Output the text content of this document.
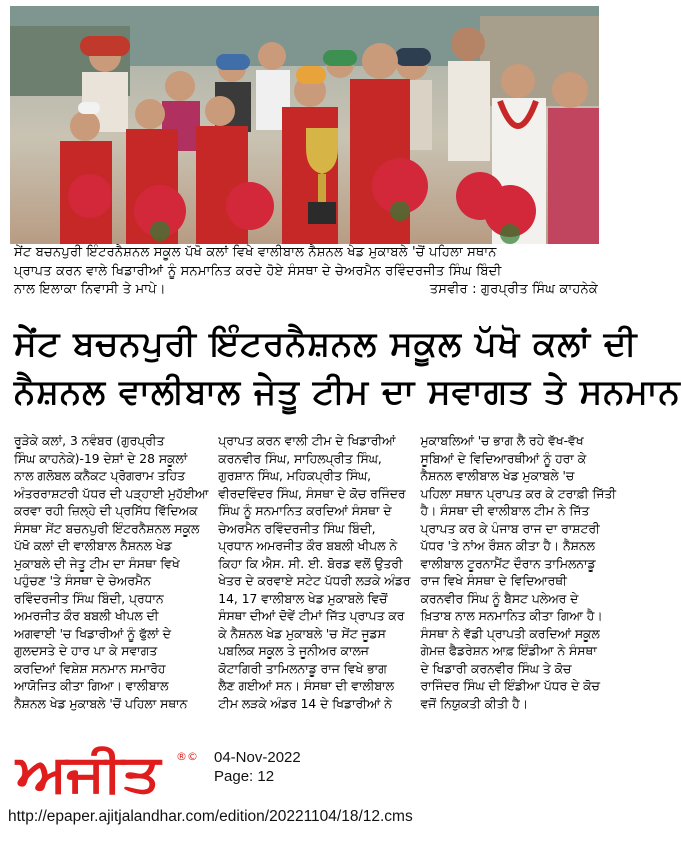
ਸੇਂਟ ਬਚਨਪੁਰੀ ਇੰਟਰਨੈਸ਼ਨਲ ਸਕੂਲ ਪੱਖੋ ਕਲਾਂ ਵਿਖੇ ਵਾਲੀਬਾਲ ਨੈਸ਼ਨਲ ਖੇਡ ਮੁਕਾਬਲੇ 'ਚੋਂ ਪਹਿਲਾ ਸਥਾਨ
ਪ੍ਰਾਪਤ ਕਰਨ ਵਾਲੇ ਖਿਡਾਰੀਆਂ ਨੂੰ ਸਨਮਾਨਿਤ ਕਰਦੇ ਹੋਏ ਸੰਸਥਾ ਦੇ ਚੇਅਰਮੈਨ ਰਵਿੰਦਰਜੀਤ ਸਿੰਘ ਬਿੰਦੀ
ਨਾਲ ਇਲਾਕਾ ਨਿਵਾਸੀ ਤੇ ਮਾਪੇ।	ਤਸਵੀਰ : ਗੁਰਪ੍ਰੀਤ ਸਿੰਘ ਕਾਹਨੇਕੇ
ਸੇਂਟ ਬਚਨਪੁਰੀ ਇੰਟਰਨੈਸ਼ਨਲ ਸਕੂਲ ਪੱਖੋ ਕਲਾਂ ਦੀ
ਨੈਸ਼ਨਲ ਵਾਲੀਬਾਲ ਜੇਤੂ ਟੀਮ ਦਾ ਸਵਾਗਤ ਤੇ ਸਨਮਾਨ
ਰੂੜੇਕੇ ਕਲਾਂ, 3 ਨਵੰਬਰ (ਗੁਰਪ੍ਰੀਤ
ਸਿੰਘ ਕਾਹਨੇਕੇ)-19 ਦੇਸ਼ਾਂ ਦੇ 28 ਸਕੂਲਾਂ
ਨਾਲ ਗਲੋਬਲ ਕਨੈਕਟ ਪ੍ਰੋਗਰਾਮ ਤਹਿਤ
ਅੰਤਰਰਾਸ਼ਟਰੀ ਪੱਧਰ ਦੀ ਪੜ੍ਹਾਈ ਮੁਹੱਈਆ
ਕਰਵਾ ਰਹੀ ਜ਼ਿਲ੍ਹੇ ਦੀ ਪ੍ਰਸਿੱਧ ਵਿੱਦਿਅਕ
ਸੰਸਥਾ ਸੇਂਟ ਬਚਨਪੁਰੀ ਇੰਟਰਨੈਸ਼ਨਲ ਸਕੂਲ
ਪੱਖੋ ਕਲਾਂ ਦੀ ਵਾਲੀਬਾਲ ਨੈਸ਼ਨਲ ਖੇਡ
ਮੁਕਾਬਲੇ ਦੀ ਜੇਤੂ ਟੀਮ ਦਾ ਸੰਸਥਾ ਵਿਖੇ
ਪਹੁੰਚਣ 'ਤੇ ਸੰਸਥਾ ਦੇ ਚੇਅਰਮੈਨ
ਰਵਿੰਦਰਜੀਤ ਸਿੰਘ ਬਿੰਦੀ, ਪ੍ਰਧਾਨ
ਅਮਰਜੀਤ ਕੌਰ ਬਬਲੀ ਖੀਪਲ ਦੀ
ਅਗਵਾਈ 'ਚ ਖਿਡਾਰੀਆਂ ਨੂੰ ਫੁੱਲਾਂ ਦੇ
ਗੁਲਦਸਤੇ ਦੇ ਹਾਰ ਪਾ ਕੇ ਸਵਾਗਤ
ਕਰਦਿਆਂ ਵਿਸ਼ੇਸ਼ ਸਨਮਾਨ ਸਮਾਰੋਹ
ਆਯੋਜਿਤ ਕੀਤਾ ਗਿਆ। ਵਾਲੀਬਾਲ
ਨੈਸ਼ਨਲ ਖੇਡ ਮੁਕਾਬਲੇ 'ਚੋਂ ਪਹਿਲਾ ਸਥਾਨ
ਪ੍ਰਾਪਤ ਕਰਨ ਵਾਲੀ ਟੀਮ ਦੇ ਖਿਡਾਰੀਆਂ
ਕਰਨਵੀਰ ਸਿੰਘ, ਸਾਹਿਲਪ੍ਰੀਤ ਸਿੰਘ,
ਗੁਰਸ਼ਾਨ ਸਿੰਘ, ਮਹਿਕਪ੍ਰੀਤ ਸਿੰਘ,
ਵੀਰਦਵਿੰਦਰ ਸਿੰਘ, ਸੰਸਥਾ ਦੇ ਕੋਚ ਰਜਿੰਦਰ
ਸਿੰਘ ਨੂੰ ਸਨਮਾਨਿਤ ਕਰਦਿਆਂ ਸੰਸਥਾ ਦੇ
ਚੇਅਰਮੈਨ ਰਵਿੰਦਰਜੀਤ ਸਿੰਘ ਬਿੰਦੀ,
ਪ੍ਰਧਾਨ ਅਮਰਜੀਤ ਕੌਰ ਬਬਲੀ ਖੀਪਲ ਨੇ
ਕਿਹਾ ਕਿ ਐਸ. ਸੀ. ਈ. ਬੋਰਡ ਵਲੋਂ ਉਤਰੀ
ਖੇਤਰ ਦੇ ਕਰਵਾਏ ਸਟੇਟ ਪੱਧਰੀ ਲੜਕੇ ਅੰਡਰ
14, 17 ਵਾਲੀਬਾਲ ਖੇਡ ਮੁਕਾਬਲੇ ਵਿਚੋਂ
ਸੰਸਥਾ ਦੀਆਂ ਦੋਵੇਂ ਟੀਮਾਂ ਜਿੱਤ ਪ੍ਰਾਪਤ ਕਰ
ਕੇ ਨੈਸ਼ਨਲ ਖੇਡ ਮੁਕਾਬਲੇ 'ਚ ਸੇਂਟ ਜੂਡਸ
ਪਬਲਿਕ ਸਕੂਲ ਤੇ ਜੂਨੀਅਰ ਕਾਲਜ
ਕੋਟਾਗਿਰੀ ਤਾਮਿਲਨਾਡੂ ਰਾਜ ਵਿਖੇ ਭਾਗ
ਲੈਣ ਗਈਆਂ ਸਨ। ਸੰਸਥਾ ਦੀ ਵਾਲੀਬਾਲ
ਟੀਮ ਲੜਕੇ ਅੰਡਰ 14 ਦੇ ਖਿਡਾਰੀਆਂ ਨੇ
ਮੁਕਾਬਲਿਆਂ 'ਚ ਭਾਗ ਲੈ ਰਹੇ ਵੱਖ-ਵੱਖ
ਸੂਬਿਆਂ ਦੇ ਵਿਦਿਆਰਥੀਆਂ ਨੂੰ ਹਰਾ ਕੇ
ਨੈਸ਼ਨਲ ਵਾਲੀਬਾਲ ਖੇਡ ਮੁਕਾਬਲੇ 'ਚ
ਪਹਿਲਾ ਸਥਾਨ ਪ੍ਰਾਪਤ ਕਰ ਕੇ ਟਰਾਫ਼ੀ ਜਿੱਤੀ
ਹੈ। ਸੰਸਥਾ ਦੀ ਵਾਲੀਬਾਲ ਟੀਮ ਨੇ ਜਿੱਤ
ਪ੍ਰਾਪਤ ਕਰ ਕੇ ਪੰਜਾਬ ਰਾਜ ਦਾ ਰਾਸ਼ਟਰੀ
ਪੱਧਰ 'ਤੇ ਨਾਂਅ ਰੌਸ਼ਨ ਕੀਤਾ ਹੈ। ਨੈਸ਼ਨਲ
ਵਾਲੀਬਾਲ ਟੂਰਨਾਮੈਂਟ ਦੌਰਾਨ ਤਾਮਿਲਨਾਡੂ
ਰਾਜ ਵਿਖੇ ਸੰਸਥਾ ਦੇ ਵਿਦਿਆਰਥੀ
ਕਰਨਵੀਰ ਸਿੰਘ ਨੂੰ ਬੈਸਟ ਪਲੇਅਰ ਦੇ
ਖ਼ਿਤਾਬ ਨਾਲ ਸਨਮਾਨਿਤ ਕੀਤਾ ਗਿਆ ਹੈ।
ਸੰਸਥਾ ਨੇ ਵੱਡੀ ਪ੍ਰਾਪਤੀ ਕਰਦਿਆਂ ਸਕੂਲ
ਗੇਮਜ਼ ਫੈਡਰੇਸ਼ਨ ਆਫ਼ ਇੰਡੀਆ ਨੇ ਸੰਸਥਾ
ਦੇ ਖਿਡਾਰੀ ਕਰਨਵੀਰ ਸਿੰਘ ਤੇ ਕੋਚ
ਰਾਜਿੰਦਰ ਸਿੰਘ ਦੀ ਇੰਡੀਆ ਪੱਧਰ ਦੇ ਕੋਚ
ਵਜੋਂ ਨਿਯੁਕਤੀ ਕੀਤੀ ਹੈ।
ਅਜੀਤ	®© 04-Nov-2022
Page: 12
http://epaper.ajitjalandhar.com/edition/20221104/18/12.cms
